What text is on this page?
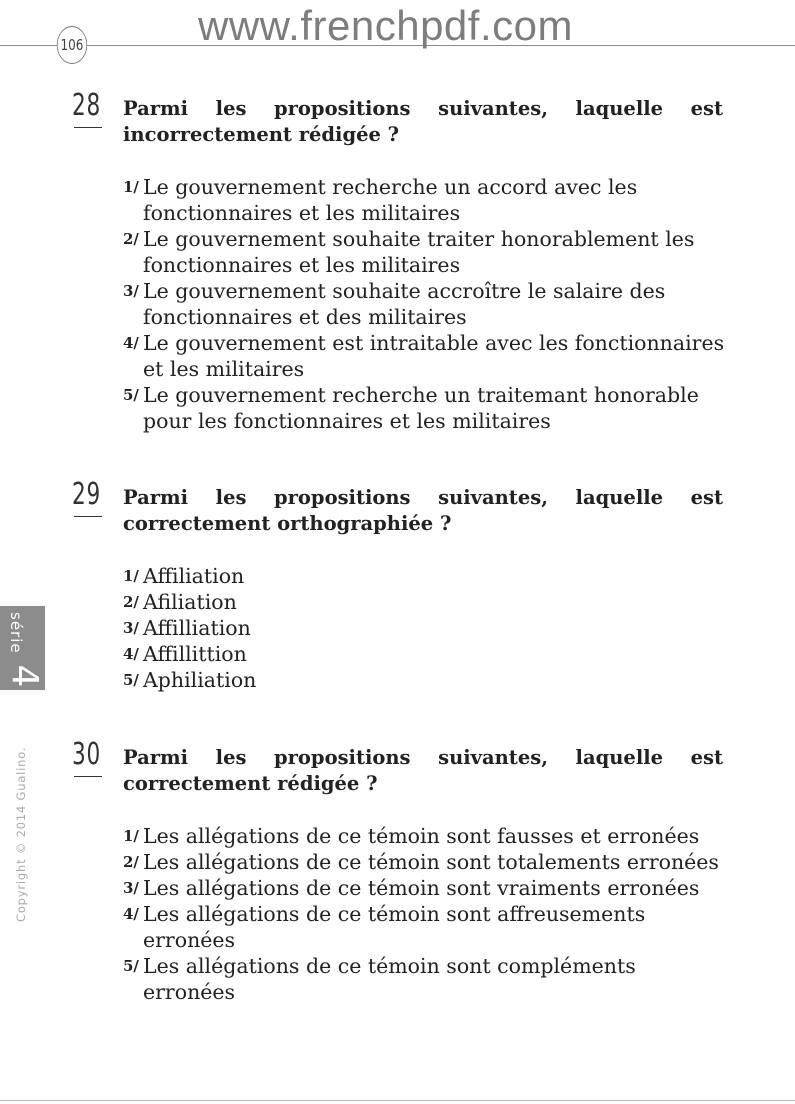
106	www.frenchpdf.com
28 Parmi les propositions suivantes, laquelle est incorrectement rédigée ?
1/ Le gouvernement recherche un accord avec les fonctionnaires et les militaires
2/ Le gouvernement souhaite traiter honorablement les fonctionnaires et les militaires
3/ Le gouvernement souhaite accroître le salaire des fonctionnaires et des militaires
4/ Le gouvernement est intraitable avec les fonctionnaires et les militaires
5/ Le gouvernement recherche un traitemant honorable pour les fonctionnaires et les militaires
29 Parmi les propositions suivantes, laquelle est correctement orthographiée ?
1/ Affiliation
2/ Afiliation
3/ Affilliation
4/ Affillittion
5/ Aphiliation
30 Parmi les propositions suivantes, laquelle est correctement rédigée ?
1/ Les allégations de ce témoin sont fausses et erronées
2/ Les allégations de ce témoin sont totalements erronées
3/ Les allégations de ce témoin sont vraiments erronées
4/ Les allégations de ce témoin sont affreusements erronées
5/ Les allégations de ce témoin sont compléments erronées
série
4
Copyright © 2014 Gualino.
